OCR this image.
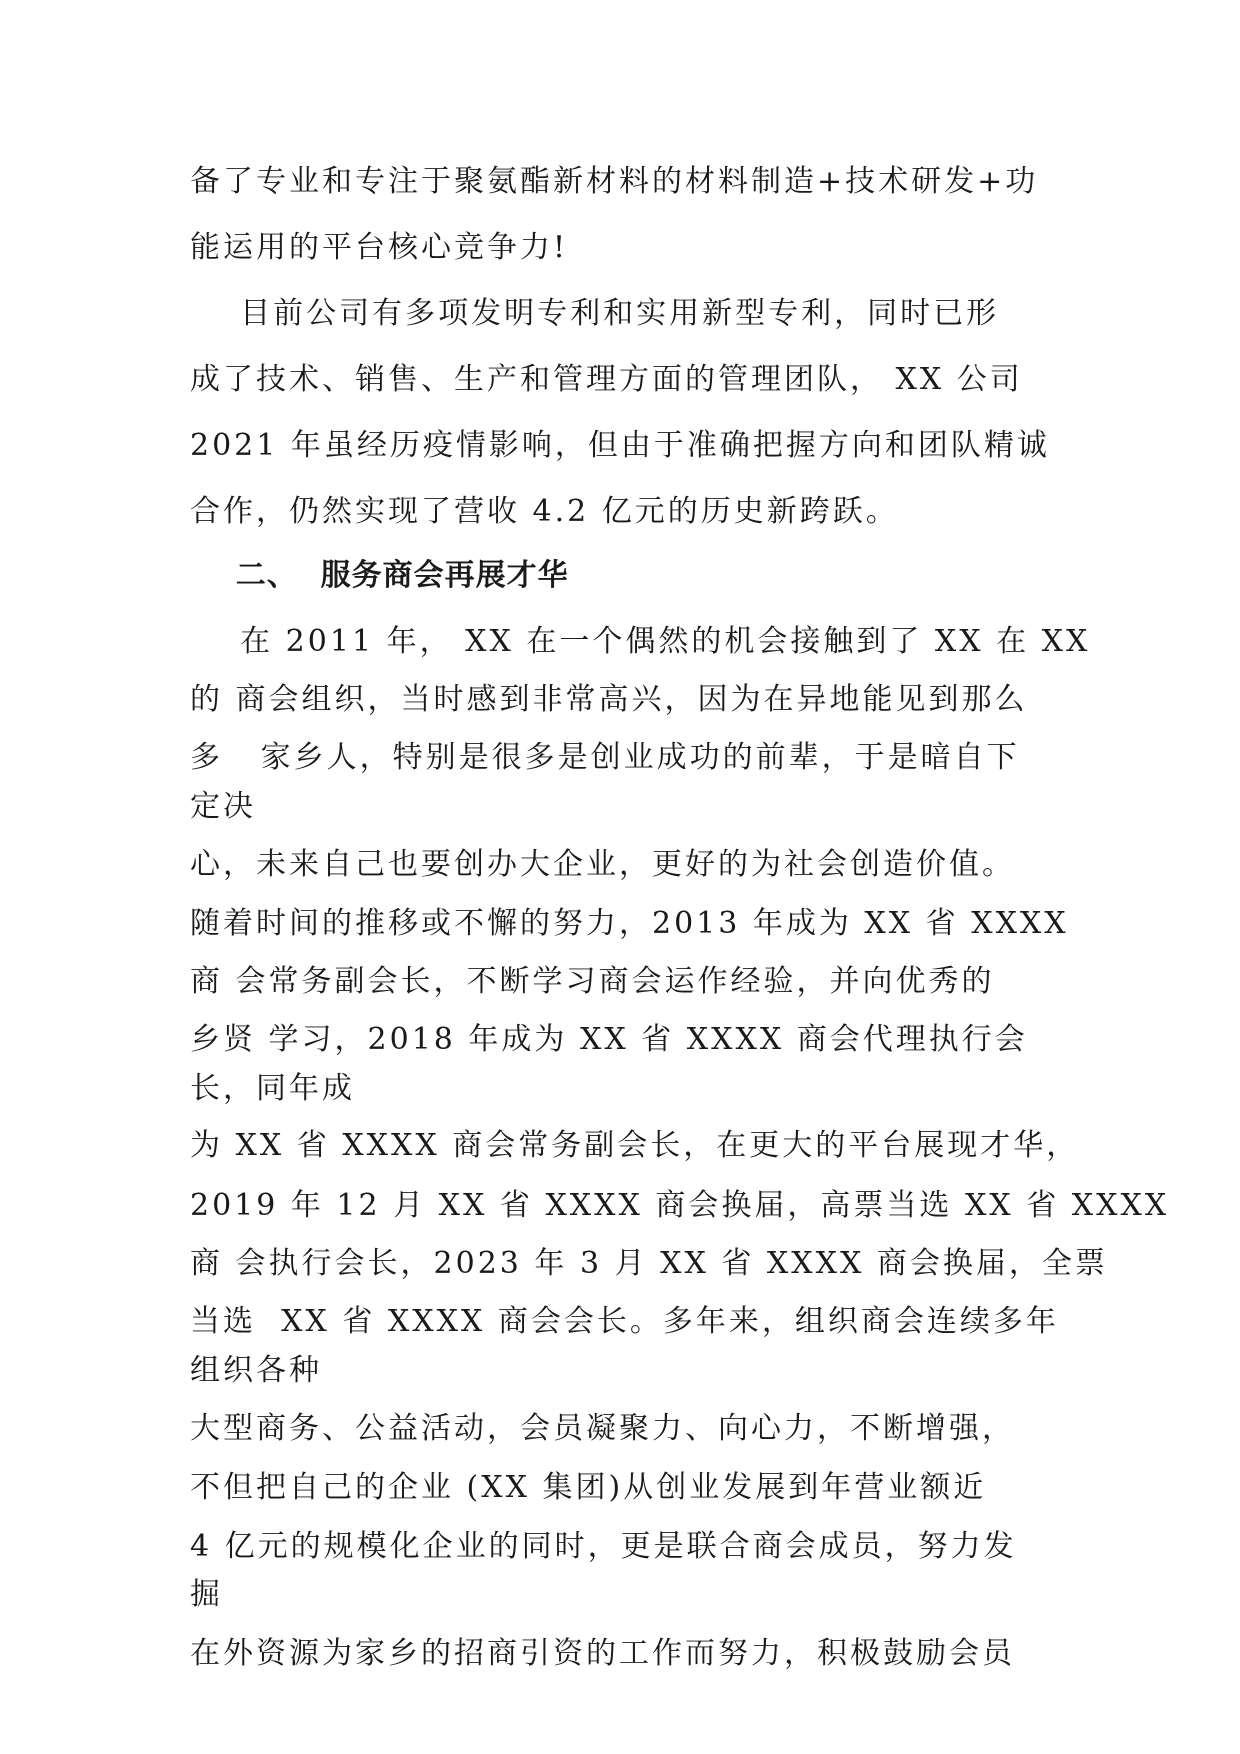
备了专业和专注于聚氨酯新材料的材料制造+技术研发+功
能运用的平台核心竞争力!
目前公司有多项发明专利和实用新型专利，同时已形
成了技术、销售、生产和管理方面的管理团队， XX 公司
2021 年虽经历疫情影响，但由于准确把握方向和团队精诚
合作，仍然实现了营收 4.2 亿元的历史新跨跃。
二、  服务商会再展才华
在 2011 年， XX 在一个偶然的机会接触到了 XX 在 XX
的 商会组织，当时感到非常高兴，因为在异地能见到那么
多   家乡人，特别是很多是创业成功的前辈，于是暗自下
定决
心，未来自己也要创办大企业，更好的为社会创造价值。
随着时间的推移或不懈的努力，2013 年成为 XX 省 XXXX
商 会常务副会长，不断学习商会运作经验，并向优秀的
乡贤 学习，2018 年成为 XX 省 XXXX 商会代理执行会
长，同年成
为 XX 省 XXXX 商会常务副会长，在更大的平台展现才华，
2019 年 12 月 XX 省 XXXX 商会换届，高票当选 XX 省 XXXX
商 会执行会长，2023 年 3 月 XX 省 XXXX 商会换届，全票
当选  XX 省 XXXX 商会会长。多年来，组织商会连续多年
组织各种
大型商务、公益活动，会员凝聚力、向心力，不断增强，
不但把自己的企业 (XX 集团)从创业发展到年营业额近
4 亿元的规模化企业的同时，更是联合商会成员，努力发
掘
在外资源为家乡的招商引资的工作而努力，积极鼓励会员
